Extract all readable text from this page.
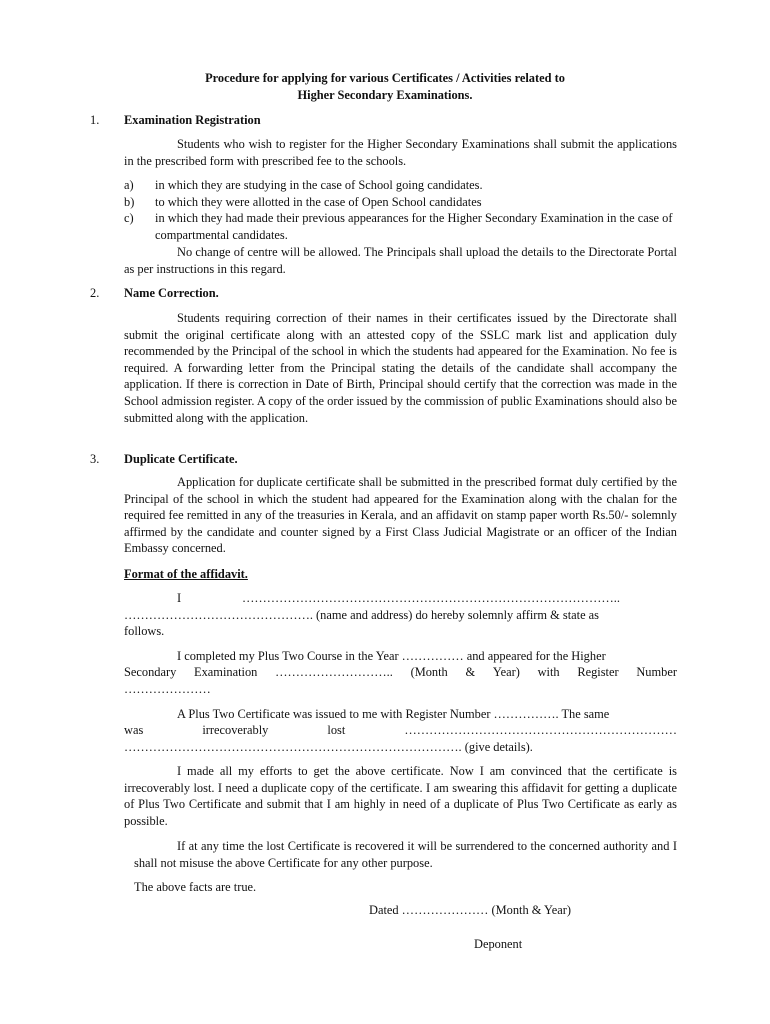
Procedure for applying for various Certificates / Activities related to
Higher Secondary Examinations.
1. Examination Registration
Students who wish to register for the Higher Secondary Examinations shall submit the applications in the prescribed form with prescribed fee to the schools.
a)	in which they are studying in the case of School going candidates.
b)	to which they were allotted in the case of Open School candidates
c)	in which they had made their previous appearances for the Higher Secondary Examination in the case of compartmental candidates.
No change of centre will be allowed. The Principals shall upload the details to the Directorate Portal as per instructions in this regard.
2. Name Correction.
Students requiring correction of their names in their certificates issued by the Directorate shall submit the original certificate along with an attested copy of the SSLC mark list and application duly recommended by the Principal of the school in which the students had appeared for the Examination. No fee is required. A forwarding letter from the Principal stating the details of the candidate shall accompany the application. If there is correction in Date of Birth, Principal should certify that the correction was made in the School admission register. A copy of the order issued by the commission of public Examinations should also be submitted along with the application.
3. Duplicate Certificate.
Application for duplicate certificate shall be submitted in the prescribed format duly certified by the Principal of the school in which the student had appeared for the Examination along with the chalan for the required fee remitted in any of the treasuries in Kerala, and an affidavit on stamp paper worth Rs.50/- solemnly affirmed by the candidate and counter signed by a First Class Judicial Magistrate or an officer of the Indian Embassy concerned.
Format of the affidavit.
I	………………………………………………………………………………..
………………………………………. (name and address) do hereby solemnly affirm & state as
follows.
I completed my Plus Two Course in the Year …………… and appeared for the Higher
Secondary Examination ……………………….. (Month & Year) with Register Number
…………………
A Plus Two Certificate was issued to me with Register Number ……………. The same
was	irrecoverably	lost	…………………………………………………………
………………………………………………………………………. (give details).
I made all my efforts to get the above certificate. Now I am convinced that the certificate is irrecoverably lost. I need a duplicate copy of the certificate. I am swearing this affidavit for getting a duplicate of Plus Two Certificate and submit that I am highly in need of a duplicate of Plus Two Certificate as early as possible.
If at any time the lost Certificate is recovered it will be surrendered to the concerned authority and I shall not misuse the above Certificate for any other purpose.
The above facts are true.
Dated ………………… (Month & Year)
Deponent
